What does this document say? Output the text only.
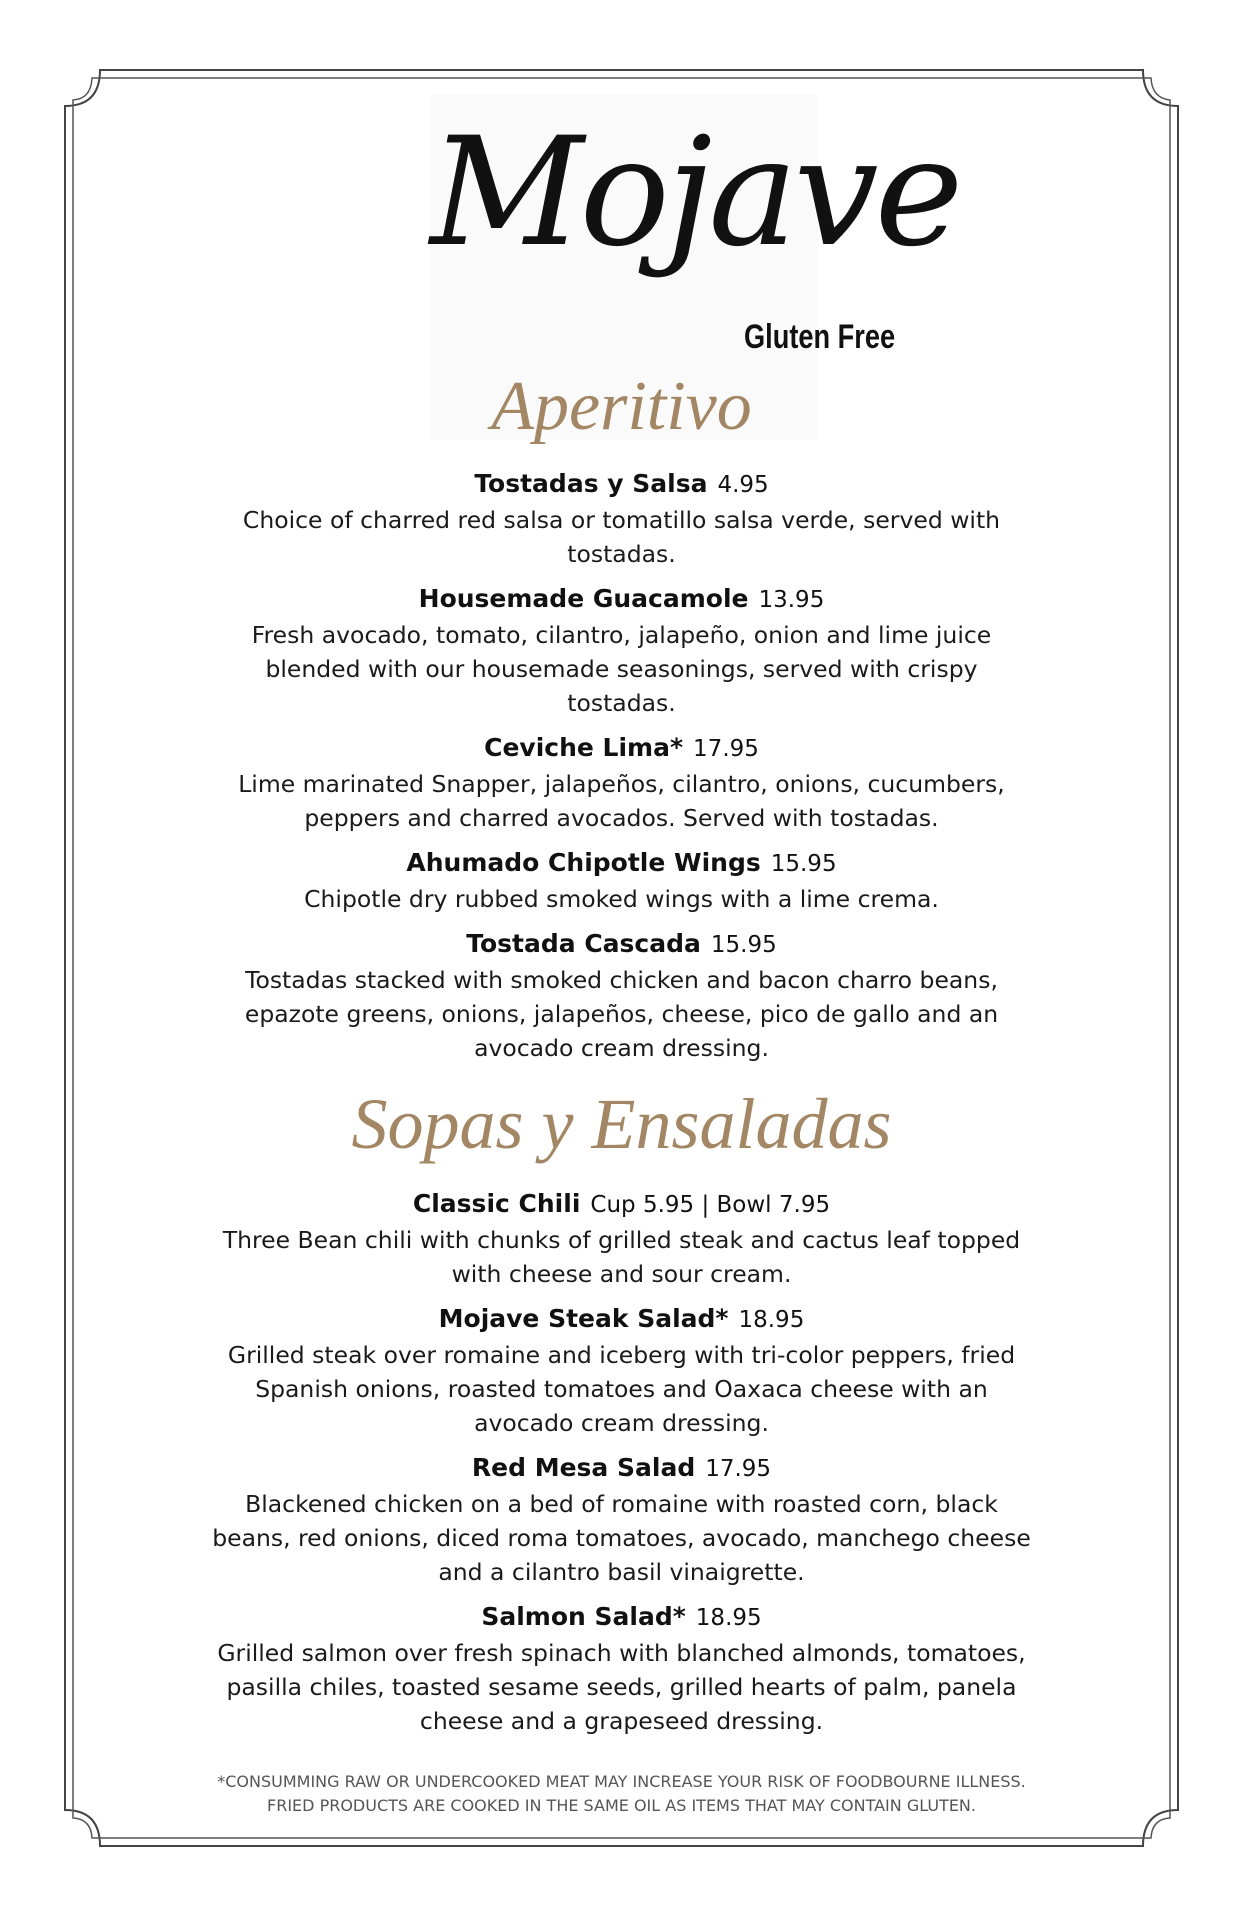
Mojave
Gluten Free
Aperitivo
Tostadas y Salsa 4.95
Choice of charred red salsa or tomatillo salsa verde, served with tostadas.
Housemade Guacamole 13.95
Fresh avocado, tomato, cilantro, jalapeño, onion and lime juice blended with our housemade seasonings, served with crispy tostadas.
Ceviche Lima* 17.95
Lime marinated Snapper, jalapeños, cilantro, onions, cucumbers, peppers and charred avocados. Served with tostadas.
Ahumado Chipotle Wings 15.95
Chipotle dry rubbed smoked wings with a lime crema.
Tostada Cascada 15.95
Tostadas stacked with smoked chicken and bacon charro beans, epazote greens, onions, jalapeños, cheese, pico de gallo and an avocado cream dressing.
Sopas y Ensaladas
Classic Chili Cup 5.95 | Bowl 7.95
Three Bean chili with chunks of grilled steak and cactus leaf topped with cheese and sour cream.
Mojave Steak Salad* 18.95
Grilled steak over romaine and iceberg with tri-color peppers, fried Spanish onions, roasted tomatoes and Oaxaca cheese with an avocado cream dressing.
Red Mesa Salad 17.95
Blackened chicken on a bed of romaine with roasted corn, black beans, red onions, diced roma tomatoes, avocado, manchego cheese and a cilantro basil vinaigrette.
Salmon Salad* 18.95
Grilled salmon over fresh spinach with blanched almonds, tomatoes, pasilla chiles, toasted sesame seeds, grilled hearts of palm, panela cheese and a grapeseed dressing.
*CONSUMMING RAW OR UNDERCOOKED MEAT MAY INCREASE YOUR RISK OF FOODBOURNE ILLNESS.
FRIED PRODUCTS ARE COOKED IN THE SAME OIL AS ITEMS THAT MAY CONTAIN GLUTEN.
